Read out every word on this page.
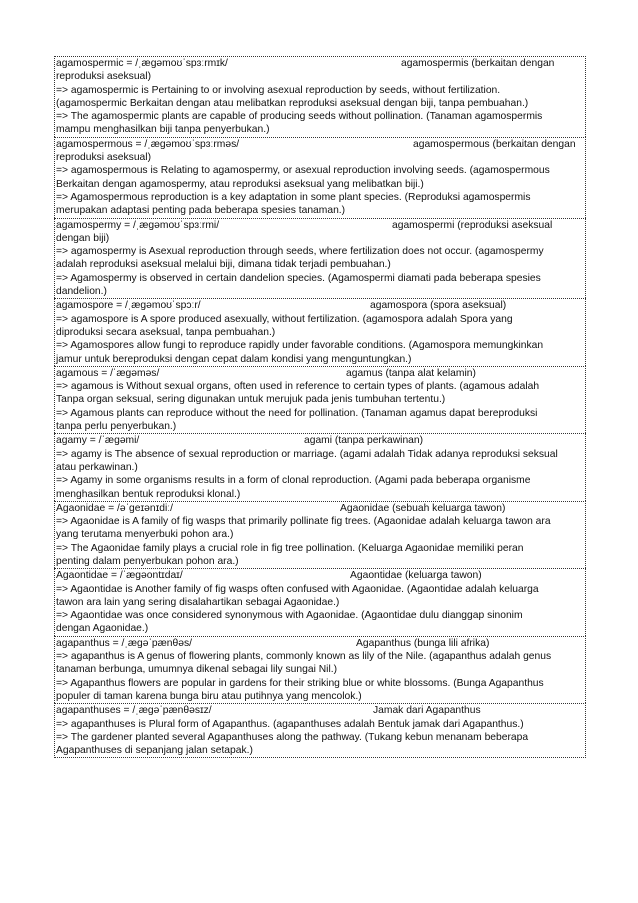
agamospermic = /ˌæɡəmoʊˈspɜːrmɪk/	agamospermis (berkaitan dengan
reproduksi aseksual)
=> agamospermic is Pertaining to or involving asexual reproduction by seeds, without fertilization.
(agamospermic Berkaitan dengan atau melibatkan reproduksi aseksual dengan biji, tanpa pembuahan.)
=> The agamospermic plants are capable of producing seeds without pollination. (Tanaman agamospermis
mampu menghasilkan biji tanpa penyerbukan.)
agamospermous = /ˌæɡəmoʊˈspɜːrməs/	agamospermous (berkaitan dengan
reproduksi aseksual)
=> agamospermous is Relating to agamospermy, or asexual reproduction involving seeds. (agamospermous
Berkaitan dengan agamospermy, atau reproduksi aseksual yang melibatkan biji.)
=> Agamospermous reproduction is a key adaptation in some plant species. (Reproduksi agamospermis
merupakan adaptasi penting pada beberapa spesies tanaman.)
agamospermy = /ˌæɡəmoʊˈspɜːrmi/	agamospermi (reproduksi aseksual
dengan biji)
=> agamospermy is Asexual reproduction through seeds, where fertilization does not occur. (agamospermy
adalah reproduksi aseksual melalui biji, dimana tidak terjadi pembuahan.)
=> Agamospermy is observed in certain dandelion species. (Agamospermi diamati pada beberapa spesies
dandelion.)
agamospore = /ˌæɡəmoʊˈspɔːr/	agamospora (spora aseksual)
=> agamospore is A spore produced asexually, without fertilization. (agamospora adalah Spora yang
diproduksi secara aseksual, tanpa pembuahan.)
=> Agamospores allow fungi to reproduce rapidly under favorable conditions. (Agamospora memungkinkan
jamur untuk bereproduksi dengan cepat dalam kondisi yang menguntungkan.)
agamous = /ˈæɡəməs/	agamus (tanpa alat kelamin)
=> agamous is Without sexual organs, often used in reference to certain types of plants. (agamous adalah
Tanpa organ seksual, sering digunakan untuk merujuk pada jenis tumbuhan tertentu.)
=> Agamous plants can reproduce without the need for pollination. (Tanaman agamus dapat bereproduksi
tanpa perlu penyerbukan.)
agamy = /ˈæɡəmi/	agami (tanpa perkawinan)
=> agamy is The absence of sexual reproduction or marriage. (agami adalah Tidak adanya reproduksi seksual
atau perkawinan.)
=> Agamy in some organisms results in a form of clonal reproduction. (Agami pada beberapa organisme
menghasilkan bentuk reproduksi klonal.)
Agaonidae = /əˈɡeɪənɪdiː/	Agaonidae (sebuah keluarga tawon)
=> Agaonidae is A family of fig wasps that primarily pollinate fig trees. (Agaonidae adalah keluarga tawon ara
yang terutama menyerbuki pohon ara.)
=> The Agaonidae family plays a crucial role in fig tree pollination. (Keluarga Agaonidae memiliki peran
penting dalam penyerbukan pohon ara.)
Agaontidae = /ˈæɡəontɪdaɪ/	Agaontidae (keluarga tawon)
=> Agaontidae is Another family of fig wasps often confused with Agaonidae. (Agaontidae adalah keluarga
tawon ara lain yang sering disalahartikan sebagai Agaonidae.)
=> Agaontidae was once considered synonymous with Agaonidae. (Agaontidae dulu dianggap sinonim
dengan Agaonidae.)
agapanthus = /ˌæɡəˈpænθəs/	Agapanthus (bunga lili afrika)
=> agapanthus is A genus of flowering plants, commonly known as lily of the Nile. (agapanthus adalah genus
tanaman berbunga, umumnya dikenal sebagai lily sungai Nil.)
=> Agapanthus flowers are popular in gardens for their striking blue or white blossoms. (Bunga Agapanthus
populer di taman karena bunga biru atau putihnya yang mencolok.)
agapanthuses = /ˌæɡəˈpænθəsɪz/	Jamak dari Agapanthus
=> agapanthuses is Plural form of Agapanthus. (agapanthuses adalah Bentuk jamak dari Agapanthus.)
=> The gardener planted several Agapanthuses along the pathway. (Tukang kebun menanam beberapa
Agapanthuses di sepanjang jalan setapak.)
